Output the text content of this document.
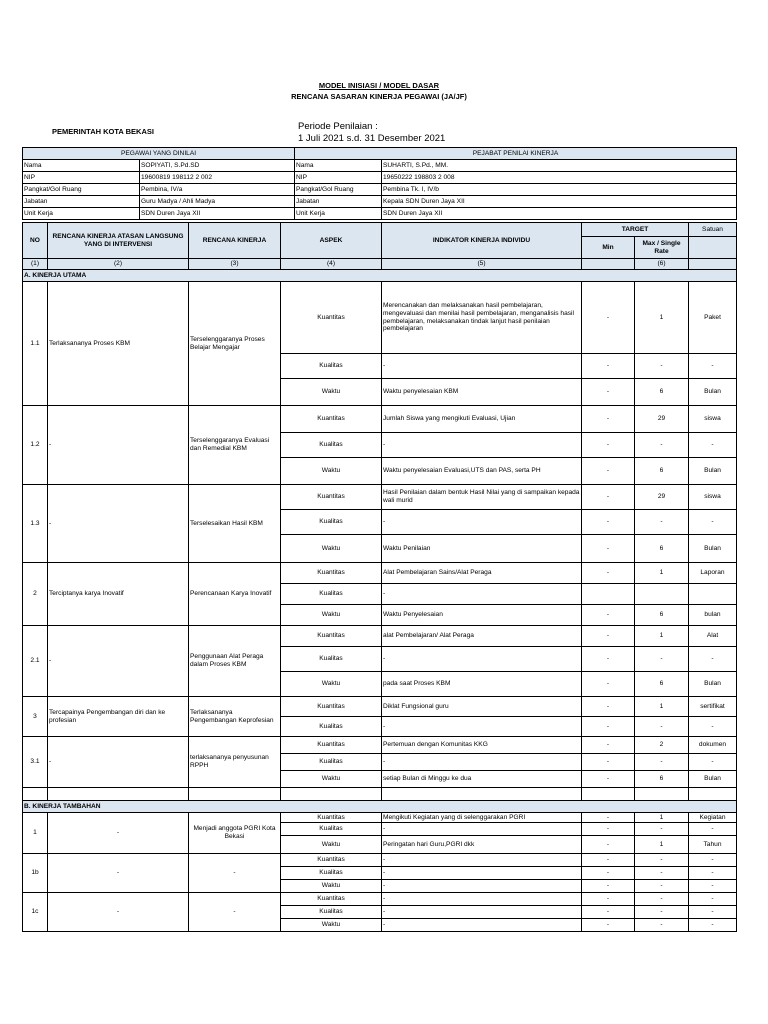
MODEL INISIASI / MODEL DASAR
RENCANA SASARAN KINERJA PEGAWAI (JA/JF)
PEMERINTAH KOTA BEKASI	Periode Penilaian :
1 Juli 2021 s.d. 31 Desember 2021
PEGAWAI YANG DINILAI		PEJABAT PENILAI KINERJA	
Nama	SOPIYATI, S.Pd.SD	Nama	SUHARTI, S.Pd., MM.
NIP	19600819 198112 2 002	NIP	19650222 198803 2 008
Pangkat/Gol Ruang	Pembina, IV/a	Pangkat/Gol Ruang	Pembina Tk. I, IV/b
Jabatan	Guru Madya / Ahli Madya	Jabatan	Kepala SDN Duren Jaya XII
Unit Kerja	SDN Duren Jaya XII	Unit Kerja	SDN Duren Jaya XII
NO	RENCANA KINERJA ATASAN LANGSUNG YANG DI INTERVENSI	RENCANA KINERJA	ASPEK	INDIKATOR KINERJA INDIVIDU	TARGET		Satuan
					Min	Max / Single Rate	
(1)	(2)	(3)	(4)	(5)		(6)	
A. KINERJA UTAMA							
1.1	Terlaksananya Proses KBM	Terselenggaranya Proses Belajar Mengajar	Kuantitas	Merencanakan dan melaksanakan hasil pembelajaran, mengevaluasi dan menilai hasil pembelajaran, menganalisis hasil pembelajaran, melaksanakan tindak lanjut hasil penilaian pembelajaran	-	1	Paket
			Kualitas	-	-	-	-
			Waktu	Waktu penyelesaian KBM	-	6	Bulan
1.2	-	Terselenggaranya Evaluasi dan Remedial KBM	Kuantitas	Jumlah Siswa yang mengikuti Evaluasi, Ujian	-	29	siswa
			Kualitas	-	-	-	-
			Waktu	Waktu penyelesaian Evaluasi,UTS dan PAS, serta PH	-	6	Bulan
1.3	-	Terselesaikan Hasil KBM	Kuantitas	Hasil Penilaian dalam bentuk Hasil Nilai yang di sampaikan kepada wali murid	-	29	siswa
			Kualitas	-	-	-	-
			Waktu	Waktu Penilaian	-	6	Bulan
2	Terciptanya karya Inovatif	Perencanaan Karya Inovatif	Kuantitas	Alat Pembelajaran Sains/Alat Peraga	-	1	Laporan
			Kualitas	-			
			Waktu	Waktu Penyelesaian	-	6	bulan
2.1	-	Penggunaan Alat Peraga dalam Proses KBM	Kuantitas	alat Pembelajaran/ Alat Peraga	-	1	Alat
			Kualitas	-	-	-	-
			Waktu	pada saat Proses KBM	-	6	Bulan
3	Tercapainya Pengembangan diri dan ke profesian	Terlaksananya Pengembangan Keprofesian	Kuantitas	Diklat Fungsional guru	-	1	sertifikat
			Kualitas	-	-	-	-
3.1	-	terlaksananya penyusunan RPPH	Kuantitas	Pertemuan dengan Komunitas KKG	-	2	dokumen
			Kualitas	-	-	-	-
			Waktu	setiap Bulan di Minggu ke dua	-	6	Bulan

B. KINERJA TAMBAHAN							
1	-	Menjadi anggota PGRI Kota Bekasi	Kuantitas	Mengikuti Kegiatan yang di selenggarakan PGRI	-	1	Kegiatan
			Kualitas	-	-	-	-
			Waktu	Peringatan hari Guru,PGRI dkk	-	1	Tahun
1b	-	-	Kuantitas	-	-	-	-
			Kualitas	-	-	-	-
			Waktu	-	-	-	-
1c	-	-	Kuantitas	-	-	-	-
			Kualitas	-	-	-	-
			Waktu	-	-	-	-
